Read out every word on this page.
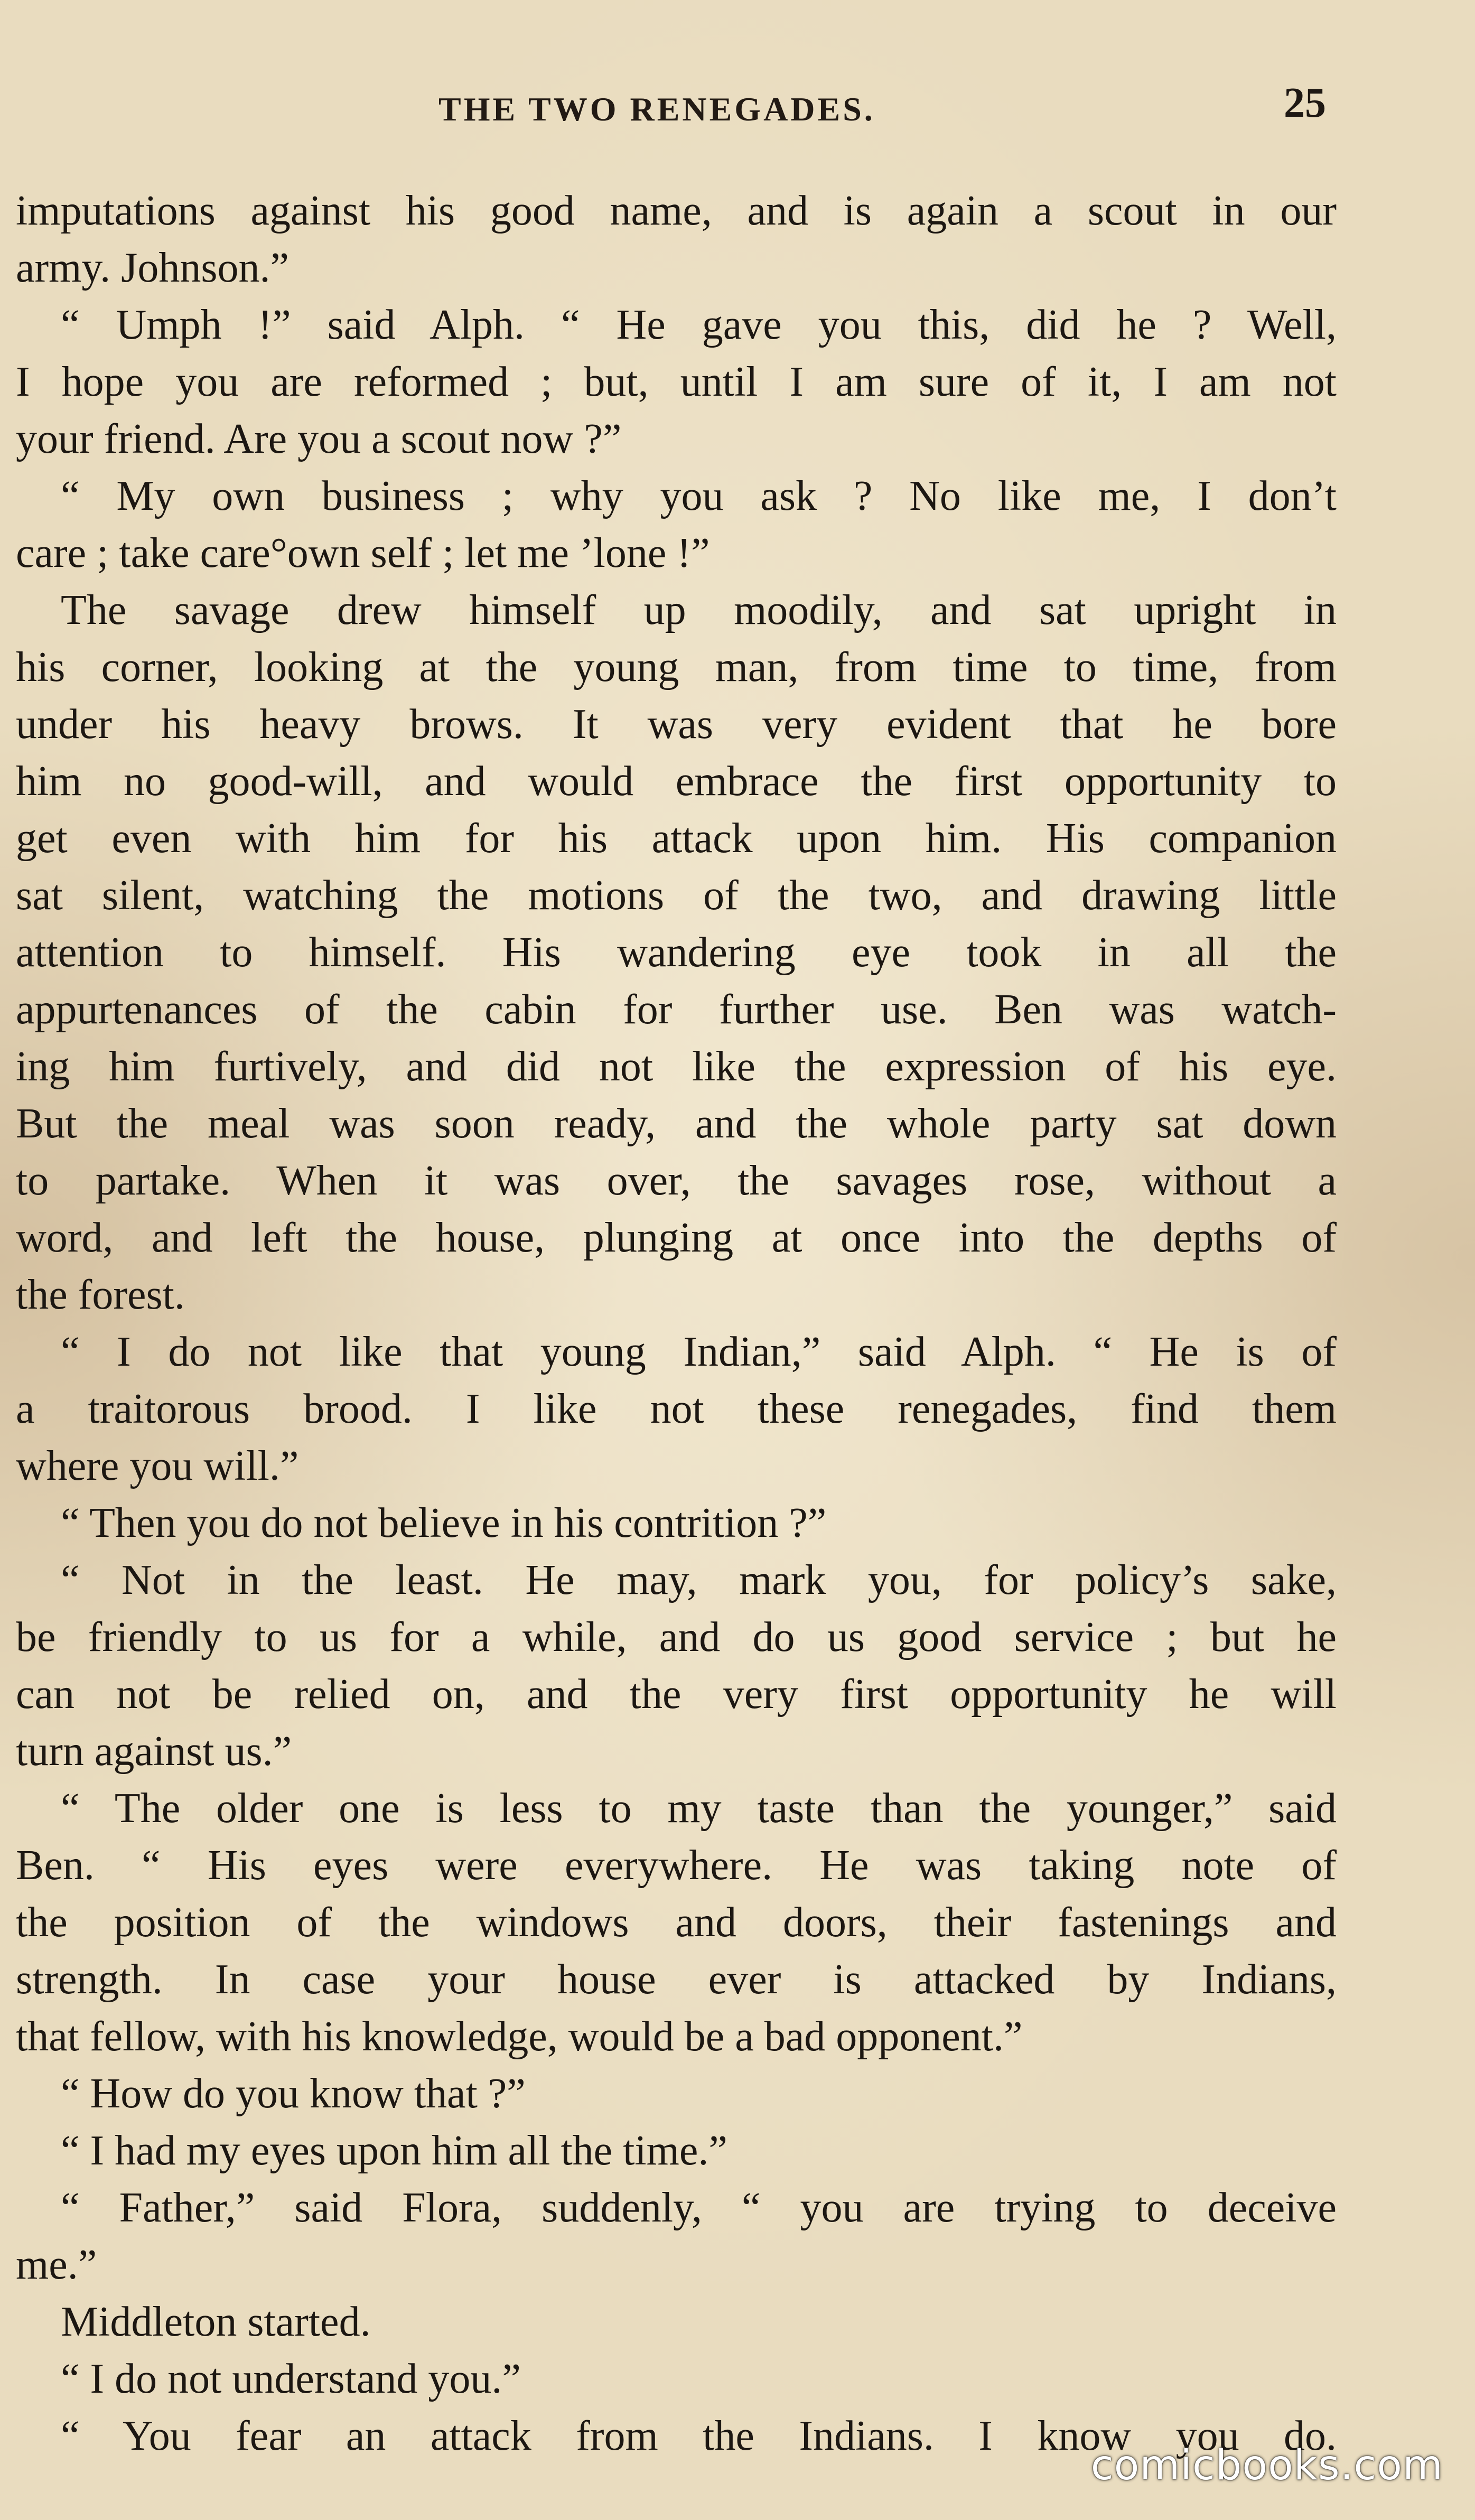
THE TWO RENEGADES.	25
imputations against his good name, and is again a scout in our
army. Johnson.”
“ Umph !” said Alph. “ He gave you this, did he ? Well,
I hope you are reformed ; but, until I am sure of it, I am not
your friend. Are you a scout now ?”
“ My own business ; why you ask ? No like me, I don’t
care ; take care°own self ; let me ’lone !”
The savage drew himself up moodily, and sat upright in
his corner, looking at the young man, from time to time, from
under his heavy brows. It was very evident that he bore
him no good-will, and would embrace the first opportunity to
get even with him for his attack upon him. His companion
sat silent, watching the motions of the two, and drawing little
attention to himself. His wandering eye took in all the
appurtenances of the cabin for further use. Ben was watch-
ing him furtively, and did not like the expression of his eye.
But the meal was soon ready, and the whole party sat down
to partake. When it was over, the savages rose, without a
word, and left the house, plunging at once into the depths of
the forest.
“ I do not like that young Indian,” said Alph. “ He is of
a traitorous brood. I like not these renegades, find them
where you will.”
“ Then you do not believe in his contrition ?”
“ Not in the least. He may, mark you, for policy’s sake,
be friendly to us for a while, and do us good service ; but he
can not be relied on, and the very first opportunity he will
turn against us.”
“ The older one is less to my taste than the younger,” said
Ben. “ His eyes were everywhere. He was taking note of
the position of the windows and doors, their fastenings and
strength. In case your house ever is attacked by Indians,
that fellow, with his knowledge, would be a bad opponent.”
“ How do you know that ?”
“ I had my eyes upon him all the time.”
“ Father,” said Flora, suddenly, “ you are trying to deceive
me.”
Middleton started.
“ I do not understand you.”
“ You fear an attack from the Indians. I know you do.
comicbooks.com
